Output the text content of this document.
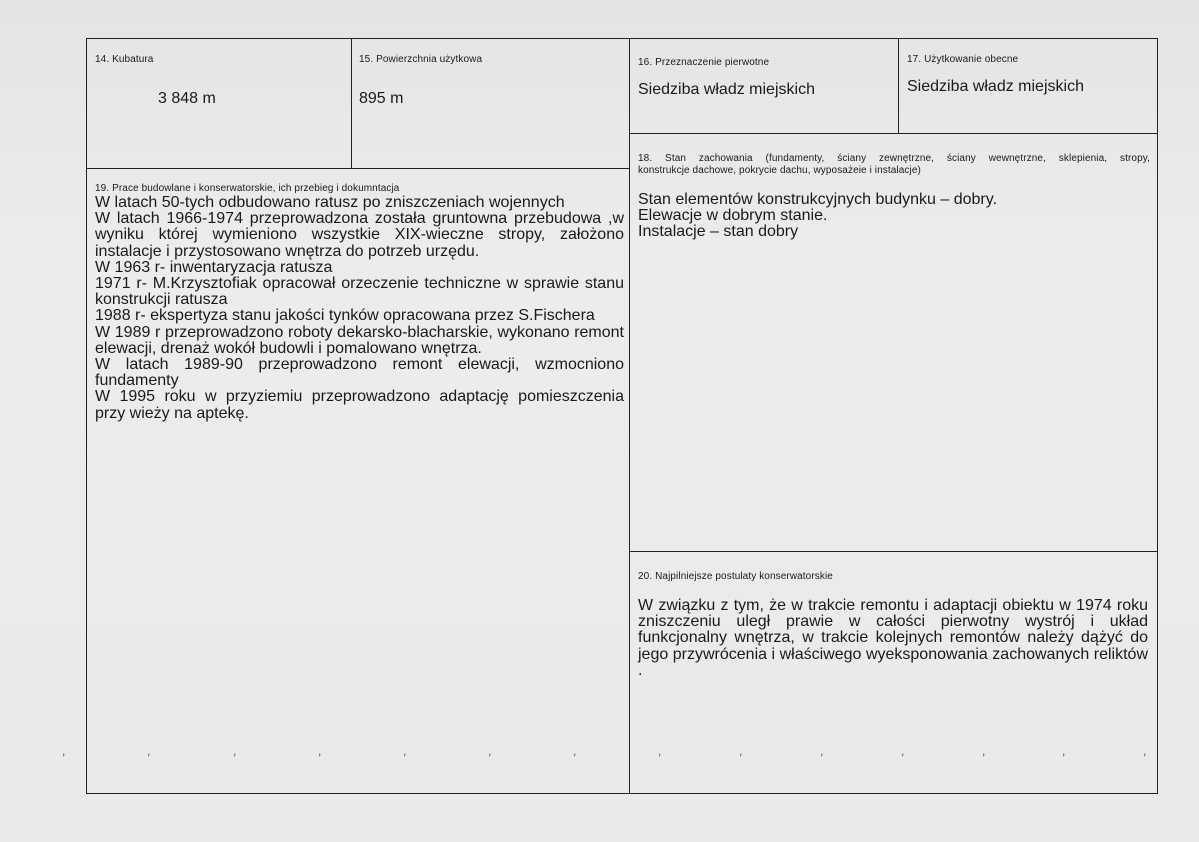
14. Kubatura
3 848 m
15. Powierzchnia użytkowa
895 m
16. Przeznaczenie pierwotne
Siedziba władz miejskich
17. Użytkowanie obecne
Siedziba władz miejskich
18. Stan zachowania (fundamenty, ściany zewnętrzne, ściany wewnętrzne, sklepienia, stropy,
konstrukcje dachowe, pokrycie dachu, wyposażeie i instalacje)
Stan elementów konstrukcyjnych budynku – dobry.
Elewacje w dobrym stanie.
Instalacje – stan dobry
19. Prace budowlane i konserwatorskie, ich przebieg i dokumntacja

W latach 50-tych odbudowano ratusz po zniszczeniach wojennych

W latach 1966-1974 przeprowadzona została gruntowna przebudowa ,w wyniku której wymieniono wszystkie XIX-wieczne stropy, założono instalacje i przystosowano wnętrza do potrzeb urzędu.

W 1963 r- inwentaryzacja ratusza

1971 r- M.Krzysztofiak opracował orzeczenie techniczne w sprawie stanu konstrukcji ratusza

1988 r- ekspertyza stanu jakości tynków opracowana przez S.Fischera

W 1989 r przeprowadzono roboty dekarsko-blacharskie, wykonano remont elewacji, drenaż wokół budowli i pomalowano wnętrza.

W latach 1989-90 przeprowadzono remont elewacji, wzmocniono fundamenty

W 1995 roku w przyziemiu przeprowadzono adaptację pomieszczenia przy wieży na aptekę.

20. Najpilniejsze postulaty konserwatorskie
W związku z tym, że w trakcie remontu i adaptacji obiektu w 1974 roku zniszczeniu uległ prawie w całości pierwotny wystrój i układ funkcjonalny wnętrza, w trakcie kolejnych remontów należy dążyć do jego przywrócenia i właściwego wyeksponowania zachowanych reliktów .
,	,	,	,	,	,	,	,	,	,	,	,	,	,
